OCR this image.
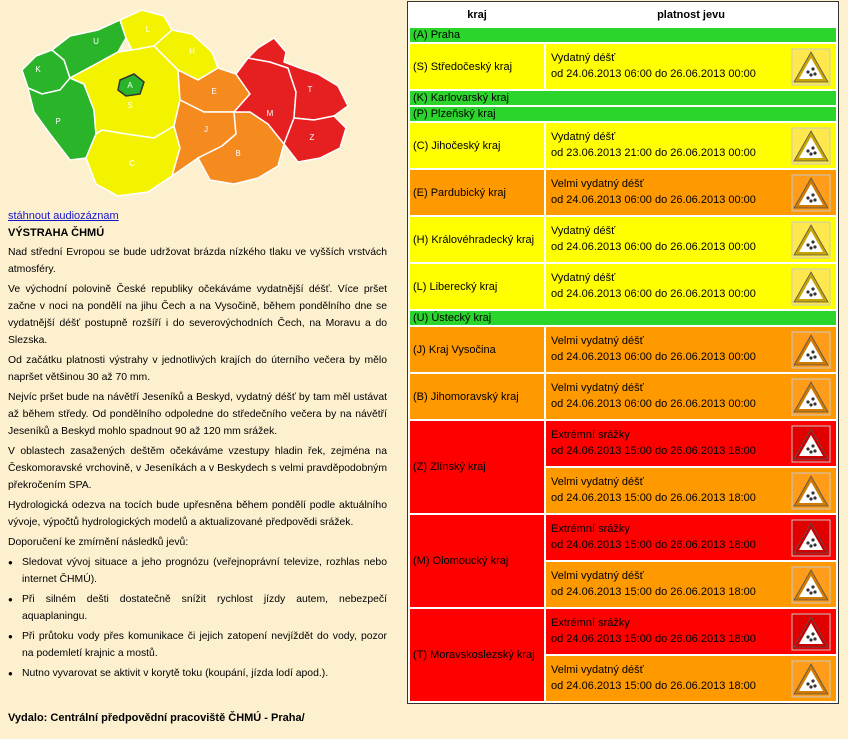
K
U
L
H
P
S
A
C
E
J
B
M
T
Z
stáhnout audiozáznam
VÝSTRAHA ČHMÚ

Nad střední Evropou se bude udržovat brázda nízkého tlaku ve vyšších vrstvách atmosféry.

Ve východní polovině České republiky očekáváme vydatnější déšť. Více pršet začne v noci na pondělí na jihu Čech a na Vysočině, během pondělního dne se vydatnější déšť postupně rozšíří i do severovýchodních Čech, na Moravu a do Slezska.

Od začátku platnosti výstrahy v jednotlivých krajích do úterního večera by mělo napršet většinou 30 až 70 mm.

Nejvíc pršet bude na návětří Jeseníků a Beskyd, vydatný déšť by tam měl ustávat až během středy. Od pondělního odpoledne do středečního večera by na návětří Jeseníků a Beskyd mohlo spadnout 90 až 120 mm srážek.

V oblastech zasažených deštěm očekáváme vzestupy hladin řek, zejména na Českomoravské vrchovině, v Jeseníkách a v Beskydech s velmi pravděpodobným překročením SPA.

Hydrologická odezva na tocích bude upřesněna během pondělí podle aktuálního vývoje, výpočtů hydrologických modelů a aktualizované předpovědi srážek.

Doporučení ke zmírnění následků jevů:

● Sledovat vývoj situace a jeho prognózu (veřejnoprávní televize, rozhlas nebo internet ČHMÚ).
● Při silném dešti dostatečně snížit rychlost jízdy autem, nebezpečí aquaplaningu.
● Při průtoku vody přes komunikace či jejich zatopení nevjíždět do vody, pozor na podemletí krajnic a mostů.
● Nutno vyvarovat se aktivit v korytě toku (koupání, jízda lodí apod.).
Vydalo: Centrální předpovědní pracoviště ČHMÚ - Praha/
kraj	platnost jevu
(A) Praha	
(S) Středočeský kraj	Vydatný déšť
od 24.06.2013 06:00 do 26.06.2013 00:00

(K) Karlovarský kraj	
(P) Plzeňský kraj	
(C) Jihočeský kraj	Vydatný déšť
od 23.06.2013 21:00 do 26.06.2013 00:00

(E) Pardubický kraj	Velmi vydatný déšť
od 24.06.2013 06:00 do 26.06.2013 00:00

(H) Královéhradecký kraj	Vydatný déšť
od 24.06.2013 06:00 do 26.06.2013 00:00

(L) Liberecký kraj	Vydatný déšť
od 24.06.2013 06:00 do 26.06.2013 00:00

(U) Ústecký kraj	
(J) Kraj Vysočina	Velmi vydatný déšť
od 24.06.2013 06:00 do 26.06.2013 00:00

(B) Jihomoravský kraj	Velmi vydatný déšť
od 24.06.2013 06:00 do 26.06.2013 00:00

(Z) Zlínský kraj	Extrémní srážky
od 24.06.2013 15:00 do 26.06.2013 18:00

	Velmi vydatný déšť
od 24.06.2013 15:00 do 26.06.2013 18:00

(M) Olomoucký kraj	Extrémní srážky
od 24.06.2013 15:00 do 26.06.2013 18:00

	Velmi vydatný déšť
od 24.06.2013 15:00 do 26.06.2013 18:00

(T) Moravskoslezský kraj	Extrémní srážky
od 24.06.2013 15:00 do 26.06.2013 18:00

	Velmi vydatný déšť
od 24.06.2013 15:00 do 26.06.2013 18:00
